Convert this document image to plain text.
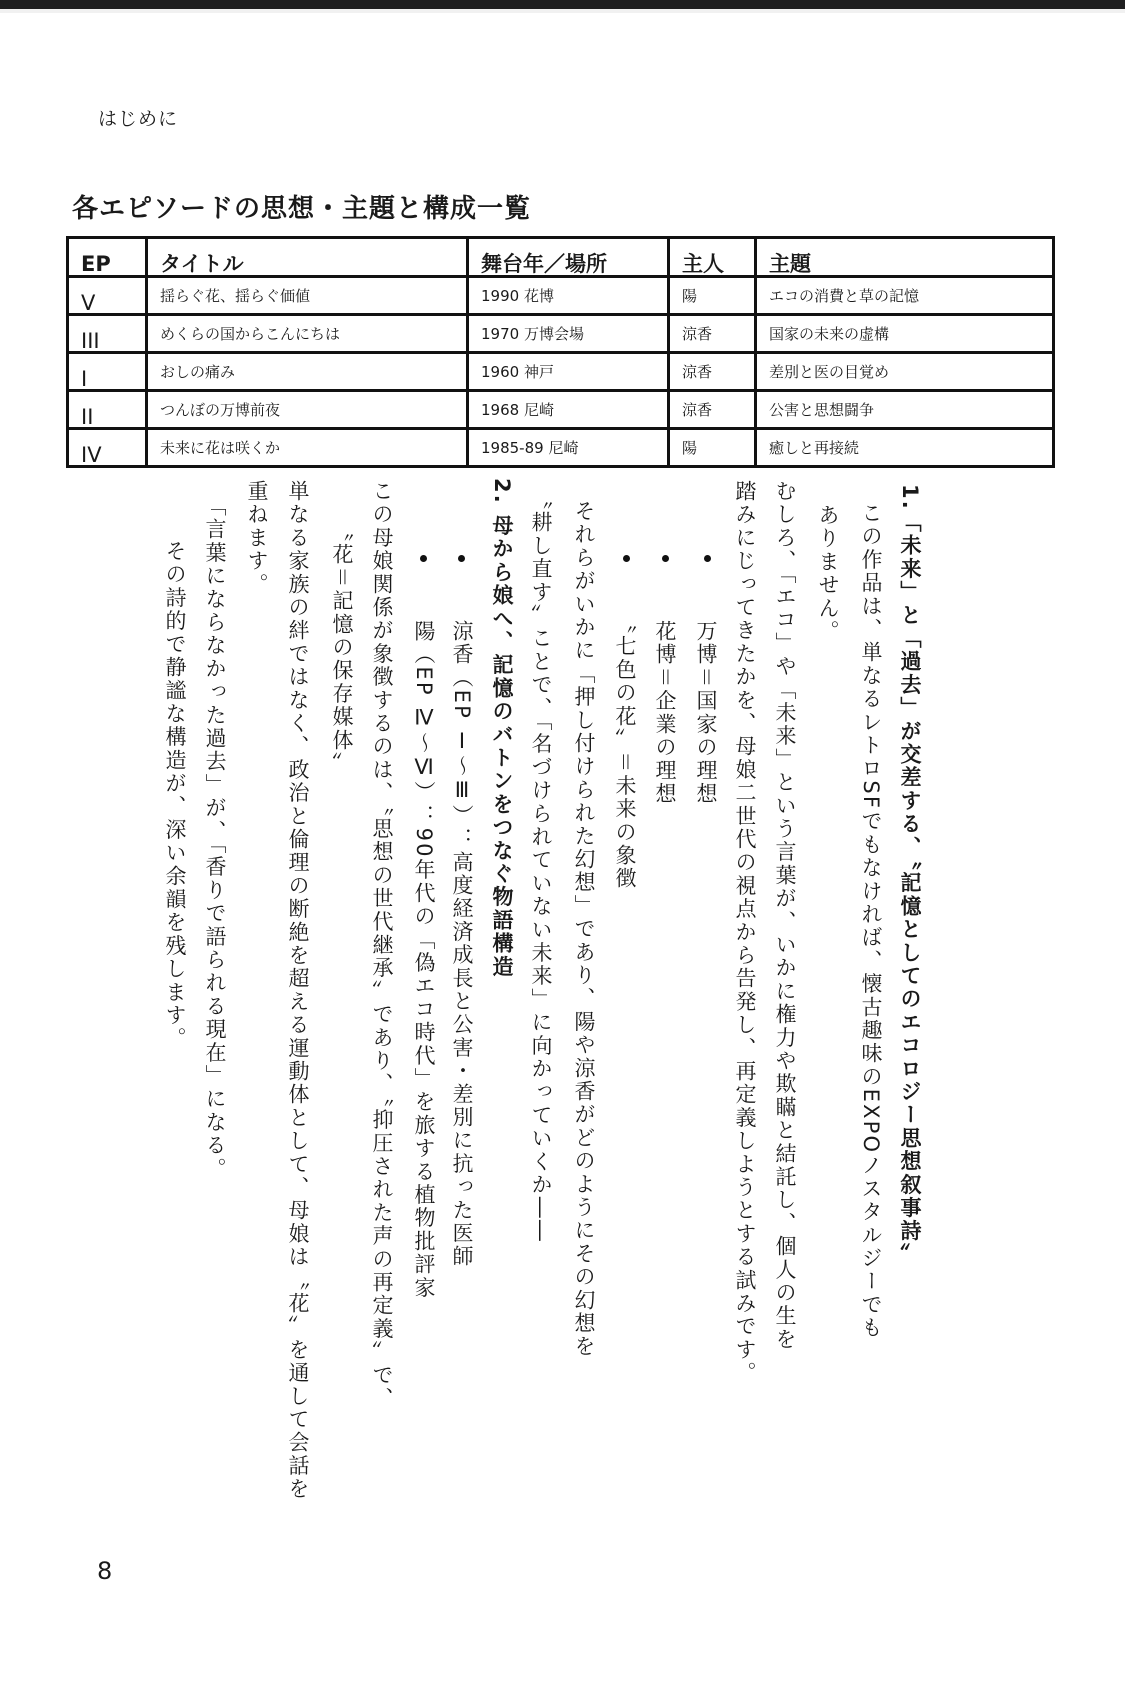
はじめに
各エピソードの思想・主題と構成一覧
EP	タイトル	舞台年／場所	主人	主題

V	揺らぐ花、揺らぐ価値	1990 花博	陽	エコの消費と草の記憶

III	めくらの国からこんにちは	1970 万博会場	涼香	国家の未来の虚構

I	おしの痛み	1960 神戸	涼香	差別と医の目覚め

II	つんぼの万博前夜	1968 尼崎	涼香	公害と思想闘争

IV	未来に花は咲くか	1985-89 尼崎	陽	癒しと再接続
1.「未来」と「過去」が交差する、〝記憶としてのエコロジー思想叙事詩〟
この作品は、単なるレトロSFでもなければ、懐古趣味のEXPOノスタルジーでも
ありません。
むしろ、「エコ」や「未来」という言葉が、いかに権力や欺瞞と結託し、個人の生を
踏みにじってきたかを、母娘二世代の視点から告発し、再定義しようとする試みです。
万博＝国家の理想
花博＝企業の理想
〝七色の花〟＝未来の象徴
それらがいかに「押し付けられた幻想」であり、陽や涼香がどのようにその幻想を
〝耕し直す〟ことで、「名づけられていない未来」に向かっていくか――
2. 母から娘へ、記憶のバトンをつなぐ物語構造
涼香（EP Ⅰ～Ⅲ）：高度経済成長と公害・差別に抗った医師
陽（EP Ⅳ～Ⅵ）：90年代の「偽エコ時代」を旅する植物批評家
この母娘関係が象徴するのは、〝思想の世代継承〟であり、〝抑圧された声の再定義〟で、
〝花＝記憶の保存媒体〟
単なる家族の絆ではなく、政治と倫理の断絶を超える運動体として、母娘は〝花〟を通して会話を
重ねます。
「言葉にならなかった過去」が、「香りで語られる現在」になる。
その詩的で静謐な構造が、深い余韻を残します。
8
